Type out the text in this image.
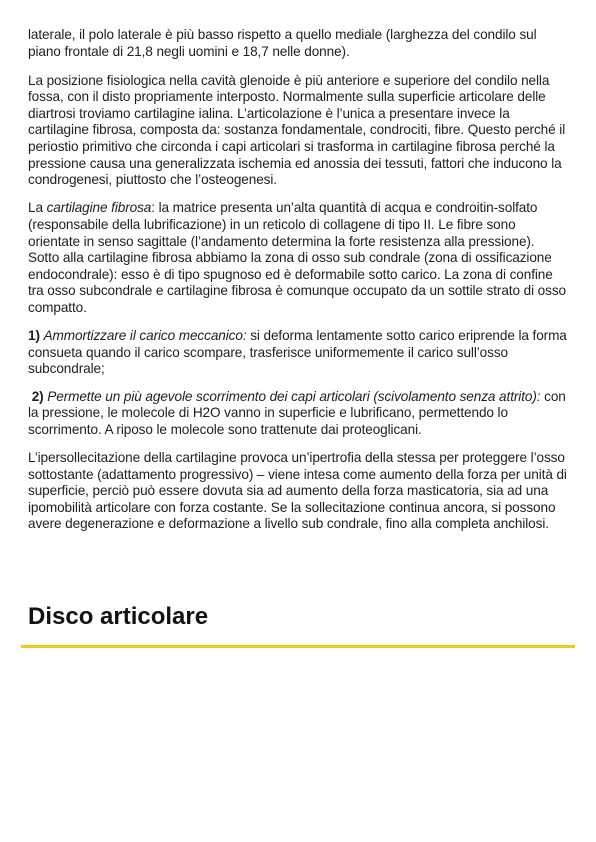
laterale, il polo laterale è più basso rispetto a quello mediale (larghezza del condilo sul piano frontale di 21,8 negli uomini e 18,7 nelle donne).

La posizione fisiologica nella cavità glenoide è più anteriore e superiore del condilo nella fossa, con il disto propriamente interposto. Normalmente sulla superficie articolare delle diartrosi troviamo cartilagine ialina. L’articolazione è l’unica a presentare invece la cartilagine fibrosa, composta da: sostanza fondamentale, condrociti, fibre. Questo perché il periostio primitivo che circonda i capi articolari si trasforma in cartilagine fibrosa perché la pressione causa una generalizzata ischemia ed anossia dei tessuti, fattori che inducono la condrogenesi, piuttosto che l’osteogenesi.

La cartilagine fibrosa: la matrice presenta un’alta quantità di acqua e condroitin-solfato (responsabile della lubrificazione) in un reticolo di collagene di tipo II. Le fibre sono orientate in senso sagittale (l’andamento determina la forte resistenza alla pressione). Sotto alla cartilagine fibrosa abbiamo la zona di osso sub condrale (zona di ossificazione endocondrale): esso è di tipo spugnoso ed è deformabile sotto carico. La zona di confine tra osso subcondrale e cartilagine fibrosa è comunque occupato da un sottile strato di osso compatto.

1) Ammortizzare il carico meccanico: si deforma lentamente sotto carico eriprende la forma consueta quando il carico scompare, trasferisce uniformemente il carico sull’osso subcondrale;

2) Permette un più agevole scorrimento dei capi articolari (scivolamento senza attrito): con la pressione, le molecole di H2O vanno in superficie e lubrificano, permettendo lo scorrimento. A riposo le molecole sono trattenute dai proteoglicani.

L’ipersollecitazione della cartilagine provoca un’ipertrofia della stessa per proteggere l’osso sottostante (adattamento progressivo) – viene intesa come aumento della forza per unità di superficie, perciò può essere dovuta sia ad aumento della forza masticatoria, sia ad una ipomobilità articolare con forza costante. Se la sollecitazione continua ancora, si possono avere degenerazione e deformazione a livello sub condrale, fino alla completa anchilosi.

Disco articolare
